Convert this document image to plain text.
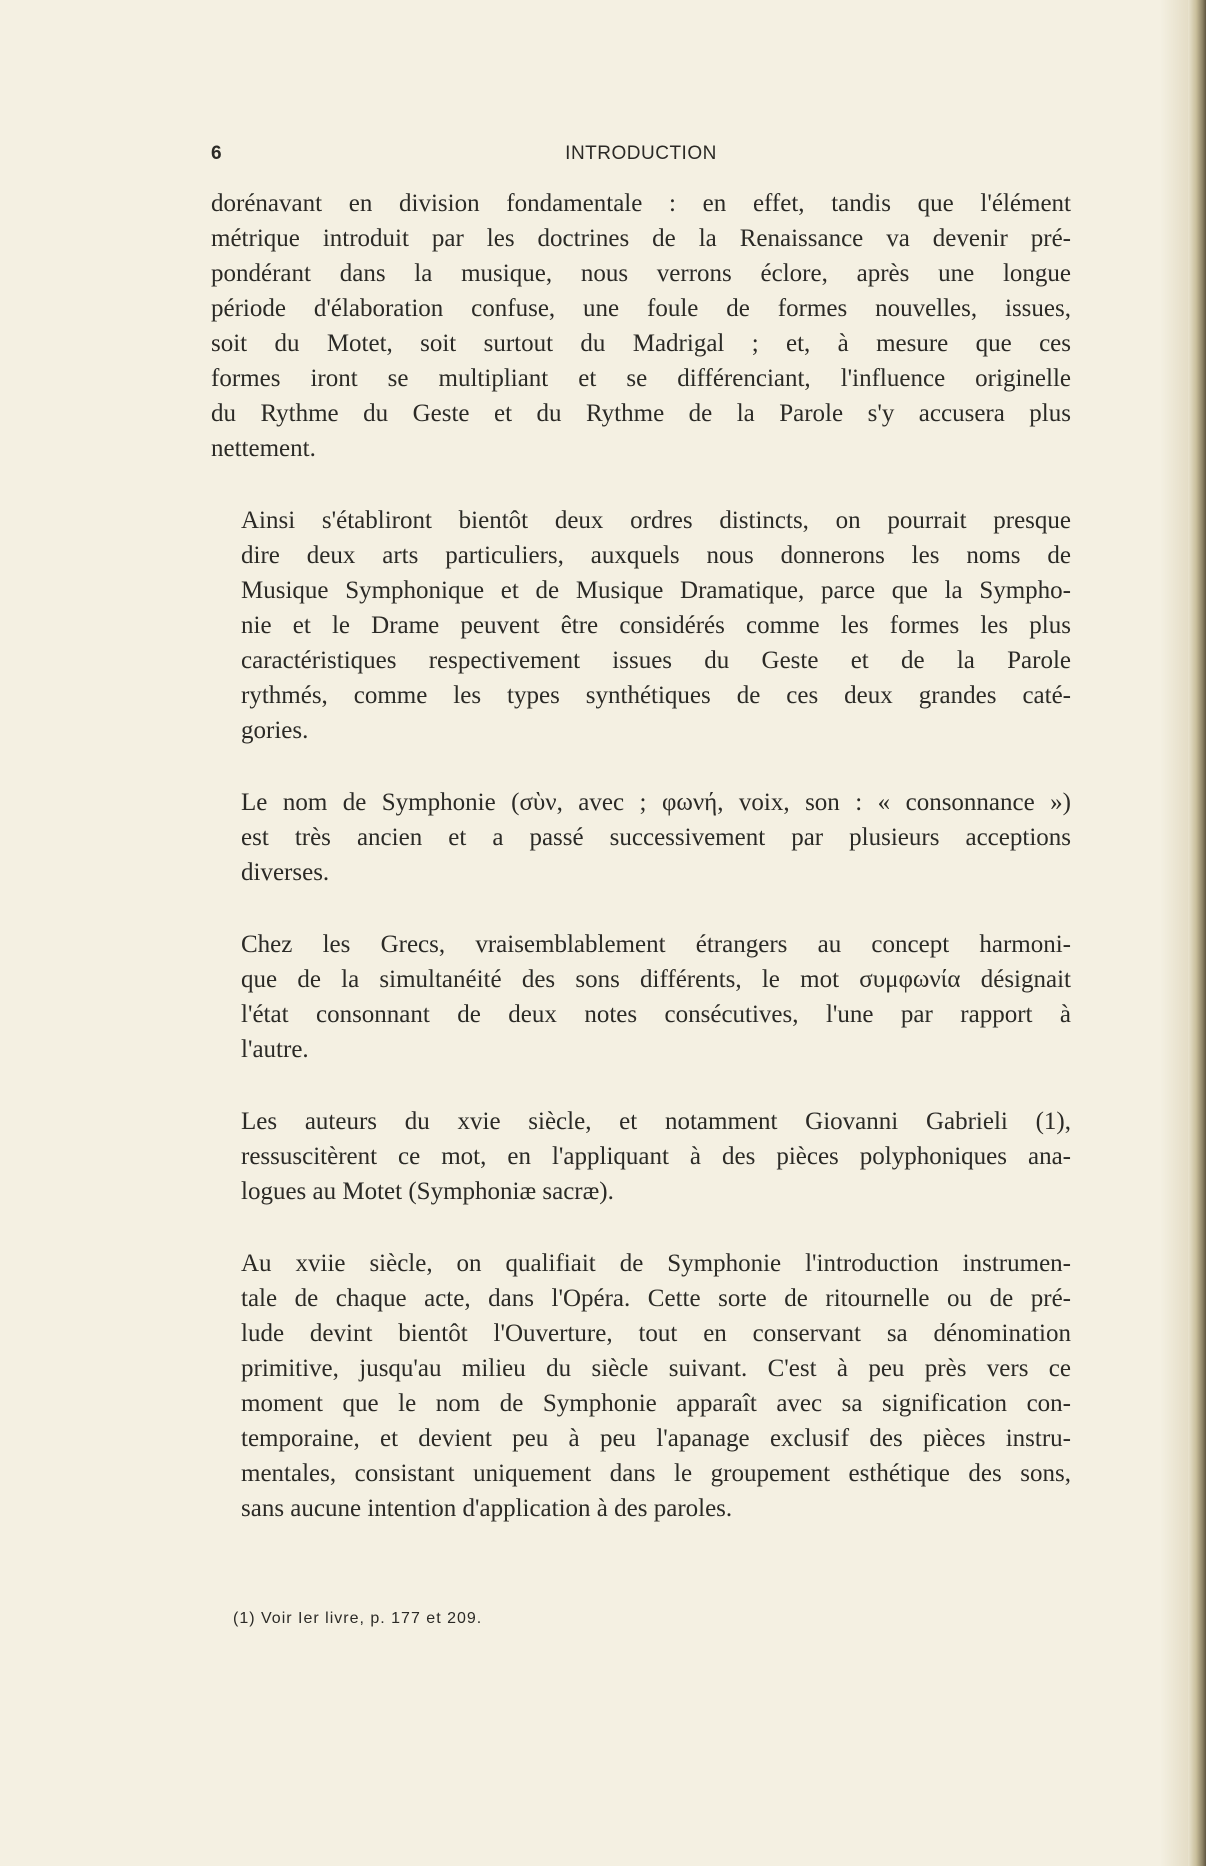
6	INTRODUCTION

dorénavant en division fondamentale : en effet, tandis que l'élément
métrique introduit par les doctrines de la Renaissance va devenir pré-
pondérant dans la musique, nous verrons éclore, après une longue
période d'élaboration confuse, une foule de formes nouvelles, issues,
soit du Motet, soit surtout du Madrigal ; et, à mesure que ces
formes iront se multipliant et se différenciant, l'influence originelle
du Rythme du Geste et du Rythme de la Parole s'y accusera plus
nettement.

Ainsi s'établiront bientôt deux ordres distincts, on pourrait presque
dire deux arts particuliers, auxquels nous donnerons les noms de
Musique Symphonique et de Musique Dramatique, parce que la Sympho-
nie et le Drame peuvent être considérés comme les formes les plus
caractéristiques respectivement issues du Geste et de la Parole
rythmés, comme les types synthétiques de ces deux grandes caté-
gories.

Le nom de Symphonie (σὺν, avec ; φωνή, voix, son : « consonnance »)
est très ancien et a passé successivement par plusieurs acceptions
diverses.

Chez les Grecs, vraisemblablement étrangers au concept harmoni-
que de la simultanéité des sons différents, le mot συμφωνία désignait
l'état consonnant de deux notes consécutives, l'une par rapport à
l'autre.

Les auteurs du xvie siècle, et notamment Giovanni Gabrieli (1),
ressuscitèrent ce mot, en l'appliquant à des pièces polyphoniques ana-
logues au Motet (Symphoniæ sacræ).

Au xviie siècle, on qualifiait de Symphonie l'introduction instrumen-
tale de chaque acte, dans l'Opéra. Cette sorte de ritournelle ou de pré-
lude devint bientôt l'Ouverture, tout en conservant sa dénomination
primitive, jusqu'au milieu du siècle suivant. C'est à peu près vers ce
moment que le nom de Symphonie apparaît avec sa signification con-
temporaine, et devient peu à peu l'apanage exclusif des pièces instru-
mentales, consistant uniquement dans le groupement esthétique des sons,
sans aucune intention d'application à des paroles.

(1) Voir Ier livre, p. 177 et 209.
